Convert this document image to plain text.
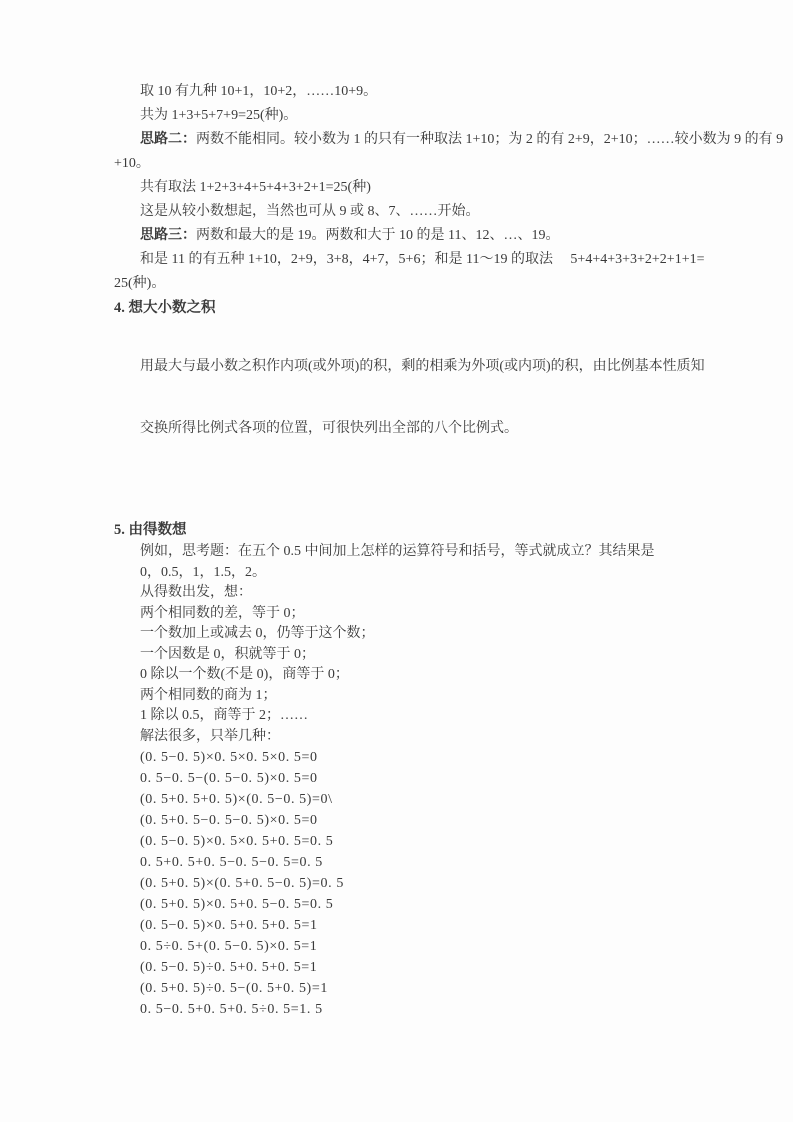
取 10 有九种 10+1，10+2，……10+9。
共为 1+3+5+7+9=25(种)。
思路二：两数不能相同。较小数为 1 的只有一种取法 1+10；为 2 的有 2+9，2+10；……较小数为 9 的有 9
+10。
共有取法 1+2+3+4+5+4+3+2+1=25(种)
这是从较小数想起，当然也可从 9 或 8、7、……开始。
思路三：两数和最大的是 19。两数和大于 10 的是 11、12、…、19。
和是 11 的有五种 1+10，2+9，3+8，4+7，5+6；和是 11～19 的取法　 5+4+4+3+3+2+2+1+1=
25(种)。
4. 想大小数之积
用最大与最小数之积作内项(或外项)的积，剩的相乘为外项(或内项)的积，由比例基本性质知
交换所得比例式各项的位置，可很快列出全部的八个比例式。
5. 由得数想
例如，思考题：在五个 0.5 中间加上怎样的运算符号和括号，等式就成立？其结果是
0，0.5，1，1.5，2。
从得数出发，想：
两个相同数的差，等于 0；
一个数加上或减去 0，仍等于这个数；
一个因数是 0，积就等于 0；
0 除以一个数(不是 0)，商等于 0；
两个相同数的商为 1；
1 除以 0.5，商等于 2；……
解法很多，只举几种：
(0. 5−0. 5)×0. 5×0. 5×0. 5=0
0. 5−0. 5−(0. 5−0. 5)×0. 5=0
(0. 5+0. 5+0. 5)×(0. 5−0. 5)=0\
(0. 5+0. 5−0. 5−0. 5)×0. 5=0
(0. 5−0. 5)×0. 5×0. 5+0. 5=0. 5
0. 5+0. 5+0. 5−0. 5−0. 5=0. 5
(0. 5+0. 5)×(0. 5+0. 5−0. 5)=0. 5
(0. 5+0. 5)×0. 5+0. 5−0. 5=0. 5
(0. 5−0. 5)×0. 5+0. 5+0. 5=1
0. 5÷0. 5+(0. 5−0. 5)×0. 5=1
(0. 5−0. 5)÷0. 5+0. 5+0. 5=1
(0. 5+0. 5)÷0. 5−(0. 5+0. 5)=1
0. 5−0. 5+0. 5+0. 5÷0. 5=1. 5
